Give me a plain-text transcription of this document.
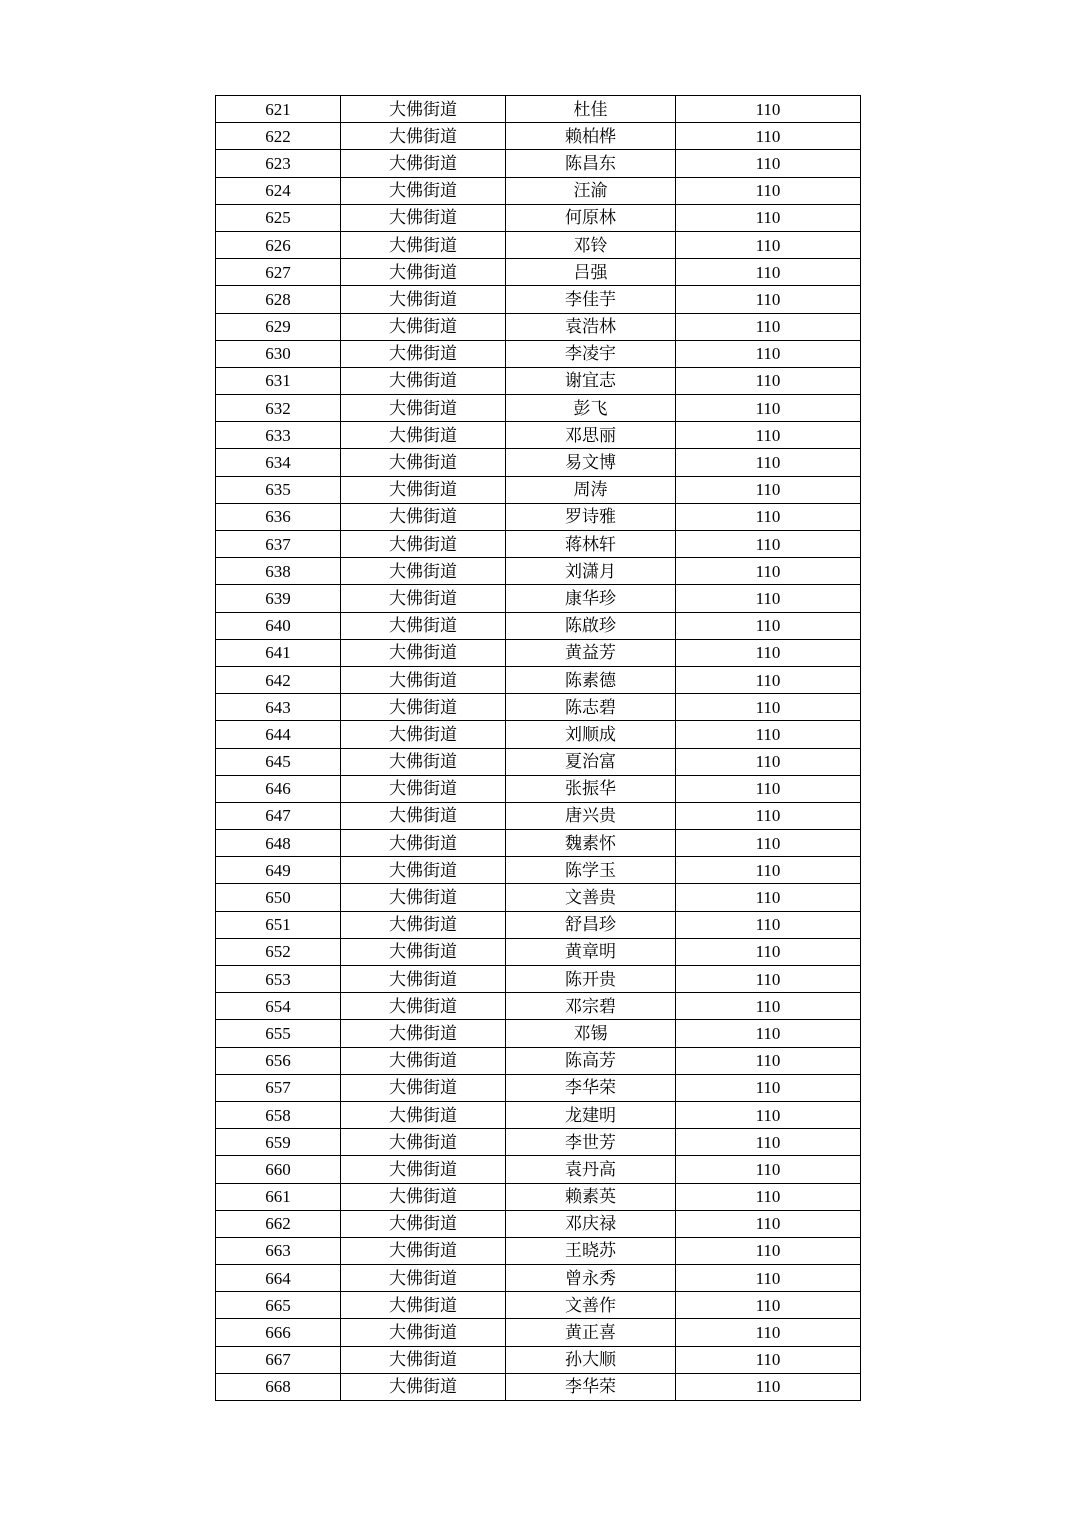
621	大佛街道	杜佳	110
622	大佛街道	赖柏桦	110
623	大佛街道	陈昌东	110
624	大佛街道	汪渝	110
625	大佛街道	何原林	110
626	大佛街道	邓铃	110
627	大佛街道	吕强	110
628	大佛街道	李佳芋	110
629	大佛街道	袁浩林	110
630	大佛街道	李凌宇	110
631	大佛街道	谢宜志	110
632	大佛街道	彭飞	110
633	大佛街道	邓思丽	110
634	大佛街道	易文博	110
635	大佛街道	周涛	110
636	大佛街道	罗诗雅	110
637	大佛街道	蒋林轩	110
638	大佛街道	刘潇月	110
639	大佛街道	康华珍	110
640	大佛街道	陈啟珍	110
641	大佛街道	黄益芳	110
642	大佛街道	陈素德	110
643	大佛街道	陈志碧	110
644	大佛街道	刘顺成	110
645	大佛街道	夏治富	110
646	大佛街道	张振华	110
647	大佛街道	唐兴贵	110
648	大佛街道	魏素怀	110
649	大佛街道	陈学玉	110
650	大佛街道	文善贵	110
651	大佛街道	舒昌珍	110
652	大佛街道	黄章明	110
653	大佛街道	陈开贵	110
654	大佛街道	邓宗碧	110
655	大佛街道	邓锡	110
656	大佛街道	陈高芳	110
657	大佛街道	李华荣	110
658	大佛街道	龙建明	110
659	大佛街道	李世芳	110
660	大佛街道	袁丹高	110
661	大佛街道	赖素英	110
662	大佛街道	邓庆禄	110
663	大佛街道	王晓苏	110
664	大佛街道	曾永秀	110
665	大佛街道	文善作	110
666	大佛街道	黄正喜	110
667	大佛街道	孙大顺	110
668	大佛街道	李华荣	110
